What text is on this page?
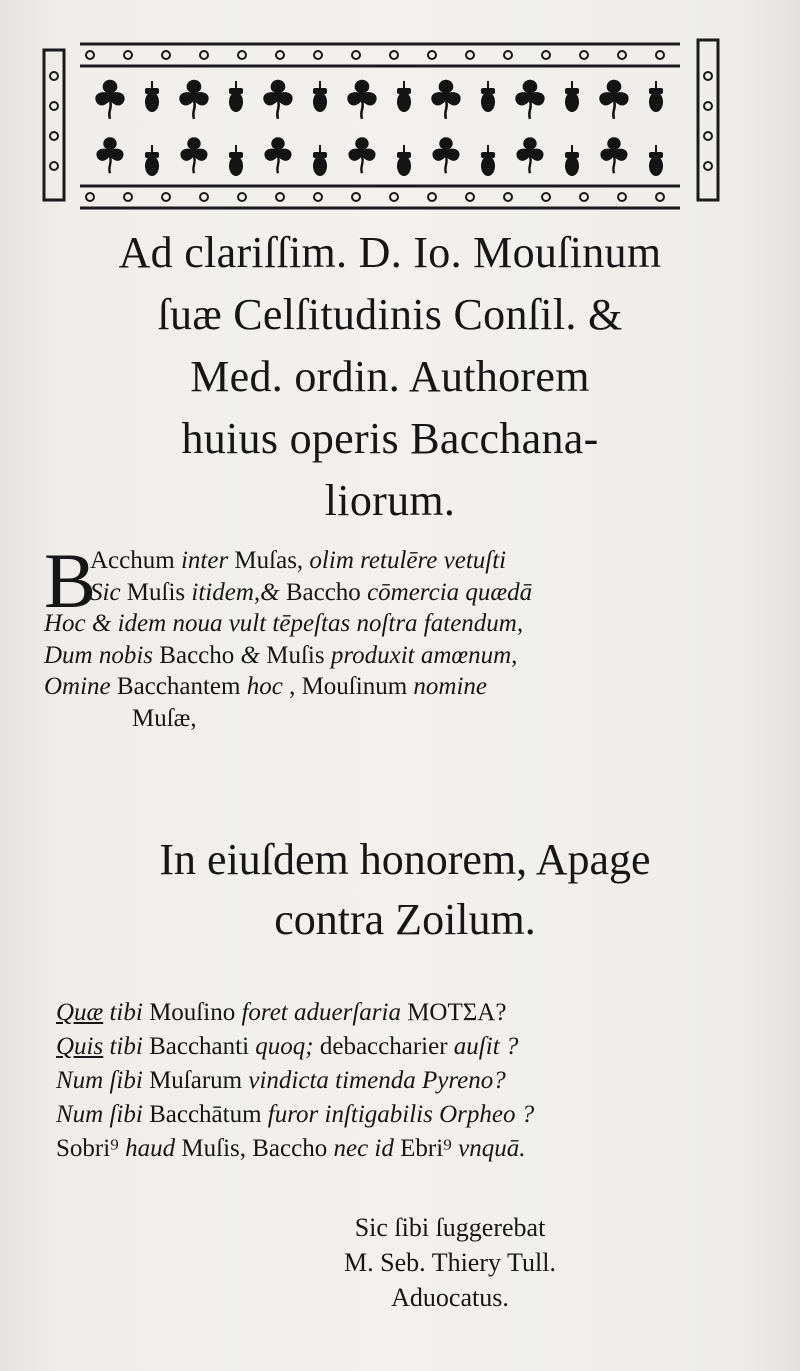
Ad clariſſim. D. Io. Mouſinum
ſuæ Celſitudinis Conſil. &
Med. ordin. Authorem
huius operis Bacchana-
liorum.
B
Acchum inter Muſas, olim retulēre vetuſti
Sic Muſis itidem,& Baccho cōmercia quædā
Hoc & idem noua vult tēpeſtas noſtra fatendum,
Dum nobis Baccho & Muſis produxit amœnum,
Omine Bacchantem hoc , Mouſinum nomine
Muſæ,
In eiuſdem honorem, Apage
contra Zoilum.
Quæ tibi Mouſino foret aduerſaria ΜΟΤΣΑ?
Quis tibi Bacchanti quoq; debaccharier auſit ?
Num ſibi Muſarum vindicta timenda Pyreno?
Num ſibi Bacchātum furor inſtigabilis Orpheo ?
Sobri⁹ haud Muſis, Baccho nec id Ebri⁹ vnquā.
Sic ſibi ſuggerebat
M. Seb. Thiery Tull.
Aduocatus.
